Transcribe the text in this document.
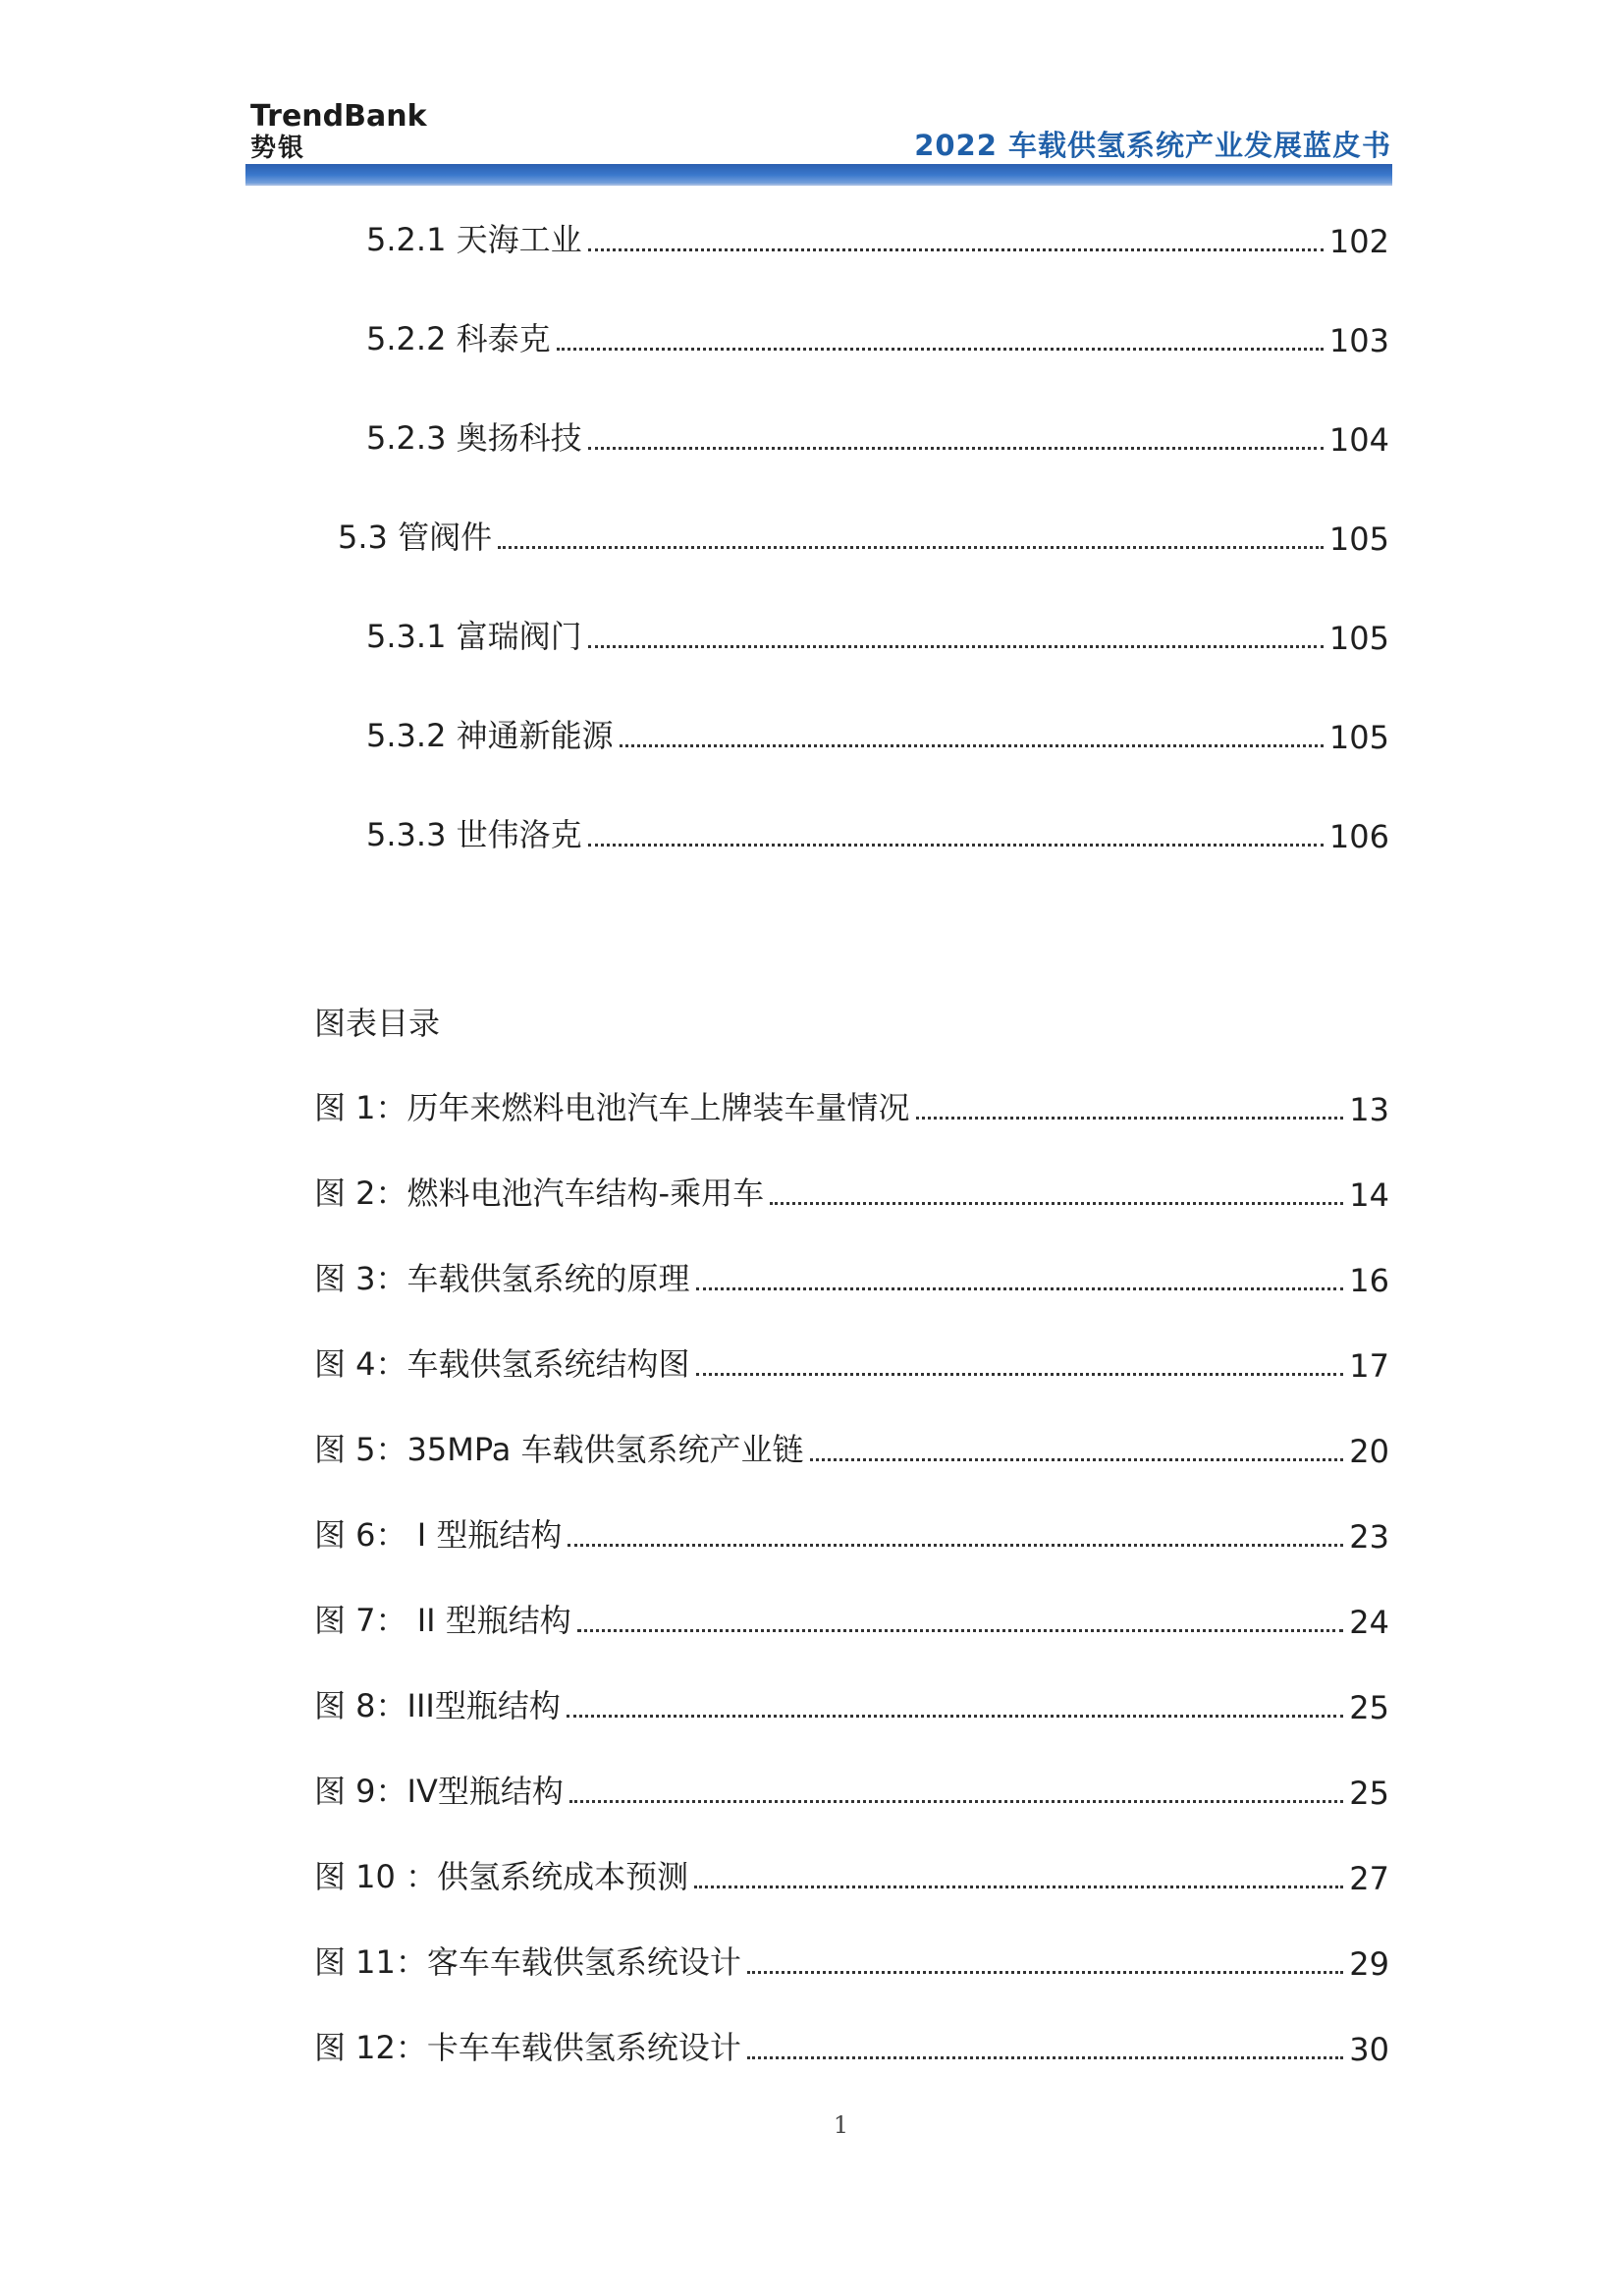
TrendBank
势银	2022 车载供氢系统产业发展蓝皮书
5.2.1 天海工业	102
5.2.2 科泰克	103
5.2.3 奥扬科技	104
5.3 管阀件	105
5.3.1 富瑞阀门	105
5.3.2 神通新能源	105
5.3.3 世伟洛克	106
图表目录
图 1：历年来燃料电池汽车上牌装车量情况	13
图 2：燃料电池汽车结构-乘用车	14
图 3：车载供氢系统的原理	16
图 4：车载供氢系统结构图	17
图 5：35MPa 车载供氢系统产业链	20
图 6： I 型瓶结构	23
图 7： II 型瓶结构	24
图 8：III型瓶结构	25
图 9：IV型瓶结构	25
图 10 ：供氢系统成本预测	27
图 11：客车车载供氢系统设计	29
图 12：卡车车载供氢系统设计	30
1
